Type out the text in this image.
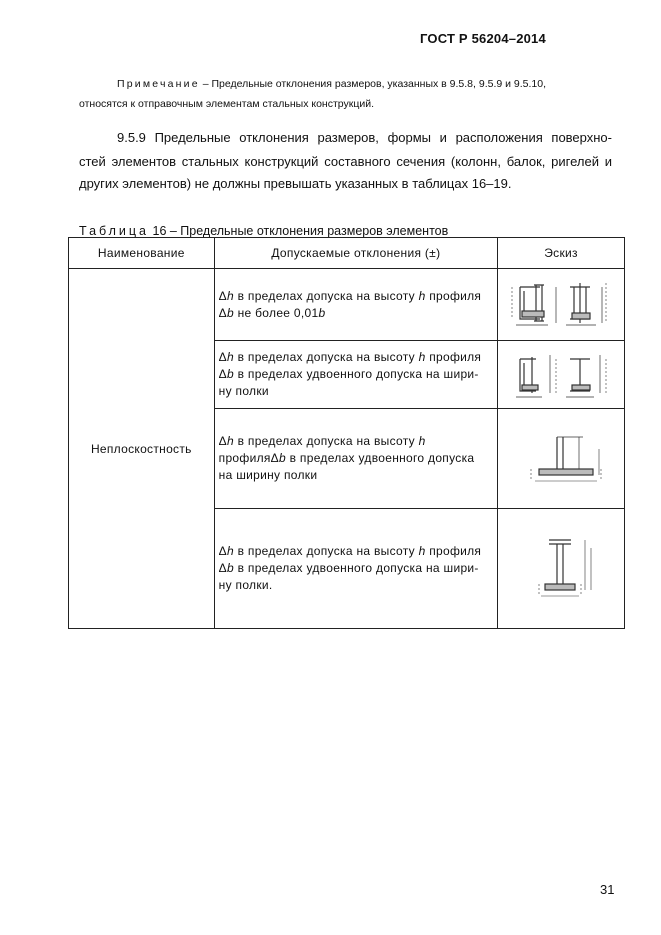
ГОСТ Р 56204–2014
Примечание – Предельные отклонения размеров, указанных в 9.5.8, 9.5.9 и 9.5.10,
относятся к отправочным элементам стальных конструкций.
9.5.9 Предельные отклонения размеров, формы и расположения поверхно-
стей элементов стальных конструкций составного сечения (колонн, балок, ригелей и
других элементов) не должны превышать указанных в таблицах 16–19.
Таблица 16 – Предельные отклонения размеров элементов
Наименование	Допускаемые отклонения (±)	Эскиз
Неплоскостность	Δh в пределах допуска на высоту h профиля
Δb не более 0,01b	

	Δh в пределах допуска на высоту h профиля
Δb в пределах удвоенного допуска на шири-
ну полки	

	Δh в пределах допуска на высоту h
профиляΔb в пределах удвоенного допуска
на ширину полки	

	Δh в пределах допуска на высоту h профиля
Δb в пределах удвоенного допуска на шири-
ну полки.	
31
